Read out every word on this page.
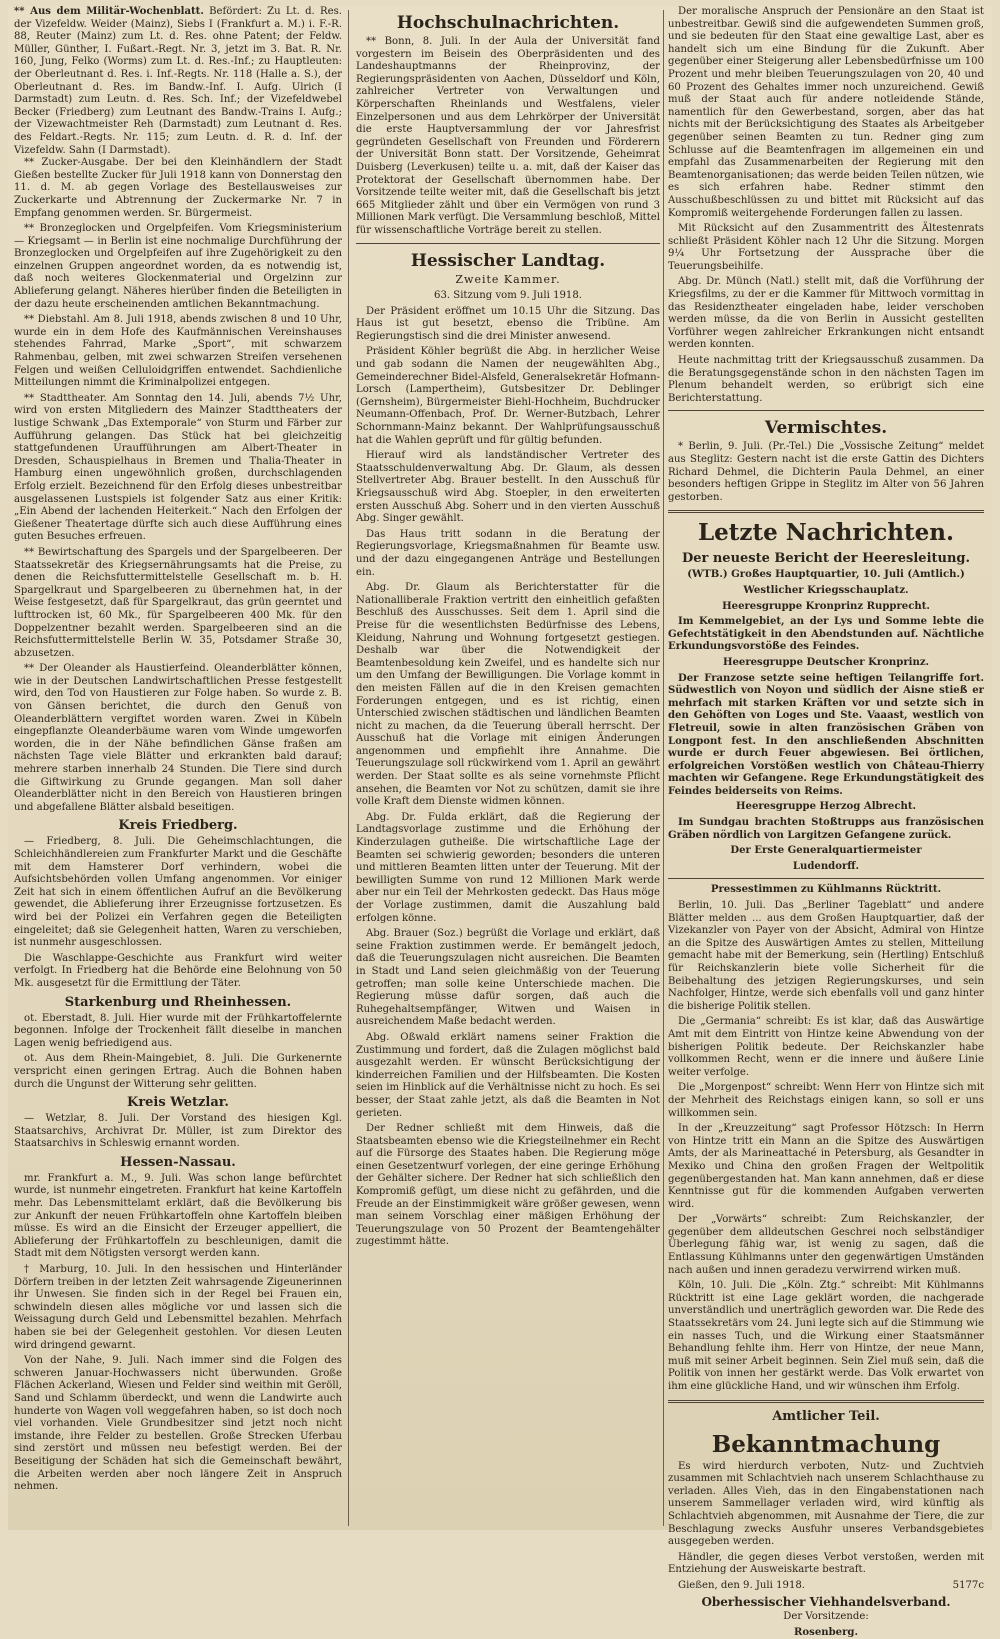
** Aus dem Militär-Wochenblatt. Befördert: Zu Lt. d. Res. der Vizefeldw. Weider (Mainz), Siebs I (Frankfurt a. M.) i. F.-R. 88, Reuter (Mainz) zum Lt. d. Res. ohne Patent; der Feldw. Müller, Günther, I. Fußart.-Regt. Nr. 3, jetzt im 3. Bat. R. Nr. 160, Jung, Felko (Worms) zum Lt. d. Res.-Inf.; zu Hauptleuten: der Oberleutnant d. Res. i. Inf.-Regts. Nr. 118 (Halle a. S.), der Oberleutnant d. Res. im Bandw.-Inf. I. Aufg. Ulrich (I Darmstadt) zum Leutn. d. Res. Sch. Inf.; der Vizefeldwebel Becker (Friedberg) zum Leutnant des Bandw.-Trains I. Aufg.; der Vizewachtmeister Reh (Darmstadt) zum Leutnant d. Res. des Feldart.-Regts. Nr. 115; zum Leutn. d. R. d. Inf. der Vizefeldw. Sahn (I Darmstadt).

** Zucker-Ausgabe. Der bei den Kleinhändlern der Stadt Gießen bestellte Zucker für Juli 1918 kann von Donnerstag den 11. d. M. ab gegen Vorlage des Bestellausweises zur Zuckerkarte und Abtrennung der Zuckermarke Nr. 7 in Empfang genommen werden. Sr. Bürgermeist.

** Bronzeglocken und Orgelpfeifen. Vom Kriegsministerium — Kriegsamt — in Berlin ist eine nochmalige Durchführung der Bronzeglocken und Orgelpfeifen auf ihre Zugehörigkeit zu den einzelnen Gruppen angeordnet worden, da es notwendig ist, daß noch weiteres Glockenmaterial und Orgelzinn zur Ablieferung gelangt. Näheres hierüber finden die Beteiligten in der dazu heute erscheinenden amtlichen Bekanntmachung.

** Diebstahl. Am 8. Juli 1918, abends zwischen 8 und 10 Uhr, wurde ein in dem Hofe des Kaufmännischen Vereinshauses stehendes Fahrrad, Marke „Sport“, mit schwarzem Rahmenbau, gelben, mit zwei schwarzen Streifen versehenen Felgen und weißen Celluloidgriffen entwendet. Sachdienliche Mitteilungen nimmt die Kriminalpolizei entgegen.

** Stadttheater. Am Sonntag den 14. Juli, abends 7½ Uhr, wird von ersten Mitgliedern des Mainzer Stadttheaters der lustige Schwank „Das Extemporale“ von Sturm und Färber zur Aufführung gelangen. Das Stück hat bei gleichzeitig stattgefundenen Uraufführungen am Albert-Theater in Dresden, Schauspielhaus in Bremen und Thalia-Theater in Hamburg einen ungewöhnlich großen, durchschlagenden Erfolg erzielt. Bezeichnend für den Erfolg dieses unbestreitbar ausgelassenen Lustspiels ist folgender Satz aus einer Kritik: „Ein Abend der lachenden Heiterkeit.“ Nach den Erfolgen der Gießener Theatertage dürfte sich auch diese Aufführung eines guten Besuches erfreuen.

** Bewirtschaftung des Spargels und der Spargelbeeren. Der Staatssekretär des Kriegsernährungsamts hat die Preise, zu denen die Reichsfuttermittelstelle Gesellschaft m. b. H. Spargelkraut und Spargelbeeren zu übernehmen hat, in der Weise festgesetzt, daß für Spargelkraut, das grün geerntet und lufttrocken ist, 60 Mk., für Spargelbeeren 400 Mk. für den Doppelzentner bezahlt werden. Spargelbeeren sind an die Reichsfuttermittelstelle Berlin W. 35, Potsdamer Straße 30, abzusetzen.

** Der Oleander als Haustierfeind. Oleanderblätter können, wie in der Deutschen Landwirtschaftlichen Presse festgestellt wird, den Tod von Haustieren zur Folge haben. So wurde z. B. von Gänsen berichtet, die durch den Genuß von Oleanderblättern vergiftet worden waren. Zwei in Kübeln eingepflanzte Oleanderbäume waren vom Winde umgeworfen worden, die in der Nähe befindlichen Gänse fraßen am nächsten Tage viele Blätter und erkrankten bald darauf; mehrere starben innerhalb 24 Stunden. Die Tiere sind durch die Giftwirkung zu Grunde gegangen. Man soll daher Oleanderblätter nicht in den Bereich von Haustieren bringen und abgefallene Blätter alsbald beseitigen.

Kreis Friedberg.

— Friedberg, 8. Juli. Die Geheimschlachtungen, die Schleichhändlereien zum Frankfurter Markt und die Geschäfte mit dem Hamsterer Dorf verhindern, wobei die Aufsichtsbehörden vollen Umfang angenommen. Vor einiger Zeit hat sich in einem öffentlichen Aufruf an die Bevölkerung gewendet, die Ablieferung ihrer Erzeugnisse fortzusetzen. Es wird bei der Polizei ein Verfahren gegen die Beteiligten eingeleitet; daß sie Gelegenheit hatten, Waren zu verschieben, ist nunmehr ausgeschlossen.

Die Waschlappe-Geschichte aus Frankfurt wird weiter verfolgt. In Friedberg hat die Behörde eine Belohnung von 50 Mk. ausgesetzt für die Ermittlung der Täter.

Starkenburg und Rheinhessen.

ot. Eberstadt, 8. Juli. Hier wurde mit der Frühkartoffelernte begonnen. Infolge der Trockenheit fällt dieselbe in manchen Lagen wenig befriedigend aus.

ot. Aus dem Rhein-Maingebiet, 8. Juli. Die Gurkenernte verspricht einen geringen Ertrag. Auch die Bohnen haben durch die Ungunst der Witterung sehr gelitten.

Kreis Wetzlar.

— Wetzlar, 8. Juli. Der Vorstand des hiesigen Kgl. Staatsarchivs, Archivrat Dr. Müller, ist zum Direktor des Staatsarchivs in Schleswig ernannt worden.

Hessen-Nassau.

mr. Frankfurt a. M., 9. Juli. Was schon lange befürchtet wurde, ist nunmehr eingetreten. Frankfurt hat keine Kartoffeln mehr. Das Lebensmittelamt erklärt, daß die Bevölkerung bis zur Ankunft der neuen Frühkartoffeln ohne Kartoffeln bleiben müsse. Es wird an die Einsicht der Erzeuger appelliert, die Ablieferung der Frühkartoffeln zu beschleunigen, damit die Stadt mit dem Nötigsten versorgt werden kann.

† Marburg, 10. Juli. In den hessischen und Hinterländer Dörfern treiben in der letzten Zeit wahrsagende Zigeunerinnen ihr Unwesen. Sie finden sich in der Regel bei Frauen ein, schwindeln diesen alles mögliche vor und lassen sich die Weissagung durch Geld und Lebensmittel bezahlen. Mehrfach haben sie bei der Gelegenheit gestohlen. Vor diesen Leuten wird dringend gewarnt.

Von der Nahe, 9. Juli. Nach immer sind die Folgen des schweren Januar-Hochwassers nicht überwunden. Große Flächen Ackerland, Wiesen und Felder sind weithin mit Geröll, Sand und Schlamm überdeckt, und wenn die Landwirte auch hunderte von Wagen voll weggefahren haben, so ist doch noch viel vorhanden. Viele Grundbesitzer sind jetzt noch nicht imstande, ihre Felder zu bestellen. Große Strecken Uferbau sind zerstört und müssen neu befestigt werden. Bei der Beseitigung der Schäden hat sich die Gemeinschaft bewährt, die Arbeiten werden aber noch längere Zeit in Anspruch nehmen.

Hochschulnachrichten.

** Bonn, 8. Juli. In der Aula der Universität fand vorgestern im Beisein des Oberpräsidenten und des Landeshauptmanns der Rheinprovinz, der Regierungspräsidenten von Aachen, Düsseldorf und Köln, zahlreicher Vertreter von Verwaltungen und Körperschaften Rheinlands und Westfalens, vieler Einzelpersonen und aus dem Lehrkörper der Universität die erste Hauptversammlung der vor Jahresfrist gegründeten Gesellschaft von Freunden und Förderern der Universität Bonn statt. Der Vorsitzende, Geheimrat Duisberg (Leverkusen) teilte u. a. mit, daß der Kaiser das Protektorat der Gesellschaft übernommen habe. Der Vorsitzende teilte weiter mit, daß die Gesellschaft bis jetzt 665 Mitglieder zählt und über ein Vermögen von rund 3 Millionen Mark verfügt. Die Versammlung beschloß, Mittel für wissenschaftliche Vorträge bereit zu stellen.

Hessischer Landtag.
Zweite Kammer.

63. Sitzung vom 9. Juli 1918.

Der Präsident eröffnet um 10.15 Uhr die Sitzung. Das Haus ist gut besetzt, ebenso die Tribüne. Am Regierungstisch sind die drei Minister anwesend.

Präsident Köhler begrüßt die Abg. in herzlicher Weise und gab sodann die Namen der neugewählten Abg., Gemeinderechner Bidel-Alsfeld, Generalsekretär Hofmann-Lorsch (Lampertheim), Gutsbesitzer Dr. Deblinger (Gernsheim), Bürgermeister Biehl-Hochheim, Buchdrucker Neumann-Offenbach, Prof. Dr. Werner-Butzbach, Lehrer Schornmann-Mainz bekannt. Der Wahlprüfungsausschuß hat die Wahlen geprüft und für gültig befunden.

Hierauf wird als landständischer Vertreter des Staatsschuldenverwaltung Abg. Dr. Glaum, als dessen Stellvertreter Abg. Brauer bestellt. In den Ausschuß für Kriegsausschuß wird Abg. Stoepler, in den erweiterten ersten Ausschuß Abg. Soherr und in den vierten Ausschuß Abg. Singer gewählt.

Das Haus tritt sodann in die Beratung der Regierungsvorlage, Kriegsmaßnahmen für Beamte usw. und der dazu eingegangenen Anträge und Bestellungen ein.

Abg. Dr. Glaum als Berichterstatter für die Nationalliberale Fraktion vertritt den einheitlich gefaßten Beschluß des Ausschusses. Seit dem 1. April sind die Preise für die wesentlichsten Bedürfnisse des Lebens, Kleidung, Nahrung und Wohnung fortgesetzt gestiegen. Deshalb war über die Notwendigkeit der Beamtenbesoldung kein Zweifel, und es handelte sich nur um den Umfang der Bewilligungen. Die Vorlage kommt in den meisten Fällen auf die in den Kreisen gemachten Forderungen entgegen, und es ist richtig, einen Unterschied zwischen städtischen und ländlichen Beamten nicht zu machen, da die Teuerung überall herrscht. Der Ausschuß hat die Vorlage mit einigen Änderungen angenommen und empfiehlt ihre Annahme. Die Teuerungszulage soll rückwirkend vom 1. April an gewährt werden. Der Staat sollte es als seine vornehmste Pflicht ansehen, die Beamten vor Not zu schützen, damit sie ihre volle Kraft dem Dienste widmen können.

Abg. Dr. Fulda erklärt, daß die Regierung der Landtagsvorlage zustimme und die Erhöhung der Kinderzulagen gutheiße. Die wirtschaftliche Lage der Beamten sei schwierig geworden; besonders die unteren und mittleren Beamten litten unter der Teuerung. Mit der bewilligten Summe von rund 12 Millionen Mark werde aber nur ein Teil der Mehrkosten gedeckt. Das Haus möge der Vorlage zustimmen, damit die Auszahlung bald erfolgen könne.

Abg. Brauer (Soz.) begrüßt die Vorlage und erklärt, daß seine Fraktion zustimmen werde. Er bemängelt jedoch, daß die Teuerungszulagen nicht ausreichen. Die Beamten in Stadt und Land seien gleichmäßig von der Teuerung getroffen; man solle keine Unterschiede machen. Die Regierung müsse dafür sorgen, daß auch die Ruhegehaltsempfänger, Witwen und Waisen in ausreichendem Maße bedacht werden.

Abg. Oßwald erklärt namens seiner Fraktion die Zustimmung und fordert, daß die Zulagen möglichst bald ausgezahlt werden. Er wünscht Berücksichtigung der kinderreichen Familien und der Hilfsbeamten. Die Kosten seien im Hinblick auf die Verhältnisse nicht zu hoch. Es sei besser, der Staat zahle jetzt, als daß die Beamten in Not gerieten.

Der Redner schließt mit dem Hinweis, daß die Staatsbeamten ebenso wie die Kriegsteilnehmer ein Recht auf die Fürsorge des Staates haben. Die Regierung möge einen Gesetzentwurf vorlegen, der eine geringe Erhöhung der Gehälter sichere. Der Redner hat sich schließlich den Kompromiß gefügt, um diese nicht zu gefährden, und die Freude an der Einstimmigkeit wäre größer gewesen, wenn man seinem Vorschlag einer mäßigen Erhöhung der Teuerungszulage von 50 Prozent der Beamtengehälter zugestimmt hätte.

Der moralische Anspruch der Pensionäre an den Staat ist unbestreitbar. Gewiß sind die aufgewendeten Summen groß, und sie bedeuten für den Staat eine gewaltige Last, aber es handelt sich um eine Bindung für die Zukunft. Aber gegenüber einer Steigerung aller Lebensbedürfnisse um 100 Prozent und mehr bleiben Teuerungszulagen von 20, 40 und 60 Prozent des Gehaltes immer noch unzureichend. Gewiß muß der Staat auch für andere notleidende Stände, namentlich für den Gewerbestand, sorgen, aber das hat nichts mit der Berücksichtigung des Staates als Arbeitgeber gegenüber seinen Beamten zu tun. Redner ging zum Schlusse auf die Beamtenfragen im allgemeinen ein und empfahl das Zusammenarbeiten der Regierung mit den Beamtenorganisationen; das werde beiden Teilen nützen, wie es sich erfahren habe. Redner stimmt den Ausschußbeschlüssen zu und bittet mit Rücksicht auf das Kompromiß weitergehende Forderungen fallen zu lassen.

Mit Rücksicht auf den Zusammentritt des Ältestenrats schließt Präsident Köhler nach 12 Uhr die Sitzung. Morgen 9¼ Uhr Fortsetzung der Aussprache über die Teuerungsbeihilfe.

Abg. Dr. Münch (Natl.) stellt mit, daß die Vorführung der Kriegsfilms, zu der er die Kammer für Mittwoch vormittag in das Residenztheater eingeladen habe, leider verschoben werden müsse, da die von Berlin in Aussicht gestellten Vorführer wegen zahlreicher Erkrankungen nicht entsandt werden konnten.

Heute nachmittag tritt der Kriegsausschuß zusammen. Da die Beratungsgegenstände schon in den nächsten Tagen im Plenum behandelt werden, so erübrigt sich eine Berichterstattung.

Vermischtes.

* Berlin, 9. Juli. (Pr.-Tel.) Die „Vossische Zeitung“ meldet aus Steglitz: Gestern nacht ist die erste Gattin des Dichters Richard Dehmel, die Dichterin Paula Dehmel, an einer besonders heftigen Grippe in Steglitz im Alter von 56 Jahren gestorben.

Letzte Nachrichten.
Der neueste Bericht der Heeresleitung.

(WTB.) Großes Hauptquartier, 10. Juli (Amtlich.)

Westlicher Kriegsschauplatz.

Heeresgruppe Kronprinz Rupprecht.

Im Kemmelgebiet, an der Lys und Somme lebte die Gefechtstätigkeit in den Abendstunden auf. Nächtliche Erkundungsvorstöße des Feindes.

Heeresgruppe Deutscher Kronprinz.

Der Franzose setzte seine heftigen Teilangriffe fort. Südwestlich von Noyon und südlich der Aisne stieß er mehrfach mit starken Kräften vor und setzte sich in den Gehöften von Loges und Ste. Vaaast, westlich von Fletreuil, sowie in alten französischen Gräben von Longpont fest. In den anschließenden Abschnitten wurde er durch Feuer abgewiesen. Bei örtlichen, erfolgreichen Vorstößen westlich von Château-Thierry machten wir Gefangene. Rege Erkundungstätigkeit des Feindes beiderseits von Reims.

Heeresgruppe Herzog Albrecht.

Im Sundgau brachten Stoßtrupps aus französischen Gräben nördlich von Largitzen Gefangene zurück.

Der Erste Generalquartiermeister

Ludendorff.

Pressestimmen zu Kühlmanns Rücktritt.

Berlin, 10. Juli. Das „Berliner Tageblatt“ und andere Blätter melden ... aus dem Großen Hauptquartier, daß der Vizekanzler von Payer von der Absicht, Admiral von Hintze an die Spitze des Auswärtigen Amtes zu stellen, Mitteilung gemacht habe mit der Bemerkung, sein (Hertling) Entschluß für Reichskanzlerin biete volle Sicherheit für die Beibehaltung des jetzigen Regierungskurses, und sein Nachfolger, Hintze, werde sich ebenfalls voll und ganz hinter die bisherige Politik stellen.

Die „Germania“ schreibt: Es ist klar, daß das Auswärtige Amt mit dem Eintritt von Hintze keine Abwendung von der bisherigen Politik bedeute. Der Reichskanzler habe vollkommen Recht, wenn er die innere und äußere Linie weiter verfolge.

Die „Morgenpost“ schreibt: Wenn Herr von Hintze sich mit der Mehrheit des Reichstags einigen kann, so soll er uns willkommen sein.

In der „Kreuzzeitung“ sagt Professor Hötzsch: In Herrn von Hintze tritt ein Mann an die Spitze des Auswärtigen Amts, der als Marineattaché in Petersburg, als Gesandter in Mexiko und China den großen Fragen der Weltpolitik gegenübergestanden hat. Man kann annehmen, daß er diese Kenntnisse gut für die kommenden Aufgaben verwerten wird.

Der „Vorwärts“ schreibt: Zum Reichskanzler, der gegenüber dem alldeutschen Geschrei noch selbständiger Überlegung fähig war, ist wenig zu sagen, daß die Entlassung Kühlmanns unter den gegenwärtigen Umständen nach außen und innen geradezu verwirrend wirken muß.

Köln, 10. Juli. Die „Köln. Ztg.“ schreibt: Mit Kühlmanns Rücktritt ist eine Lage geklärt worden, die nachgerade unverständlich und unerträglich geworden war. Die Rede des Staatssekretärs vom 24. Juni legte sich auf die Stimmung wie ein nasses Tuch, und die Wirkung einer Staatsmänner Behandlung fehlte ihm. Herr von Hintze, der neue Mann, muß mit seiner Arbeit beginnen. Sein Ziel muß sein, daß die Politik von innen her gestärkt werde. Das Volk erwartet von ihm eine glückliche Hand, und wir wünschen ihm Erfolg.

Amtlicher Teil.
Bekanntmachung

Es wird hierdurch verboten, Nutz- und Zuchtvieh zusammen mit Schlachtvieh nach unserem Schlachthause zu verladen. Alles Vieh, das in den Eingabenstationen nach unserem Sammellager verladen wird, wird künftig als Schlachtvieh abgenommen, mit Ausnahme der Tiere, die zur Beschlagung zwecks Ausfuhr unseres Verbandsgebietes ausgegeben werden.

Händler, die gegen dieses Verbot verstoßen, werden mit Entziehung der Ausweiskarte bestraft.

Gießen, den 9. Juli 1918.	5177c

Oberhessischer Viehhandelsverband.

Der Vorsitzende:

Rosenberg.
